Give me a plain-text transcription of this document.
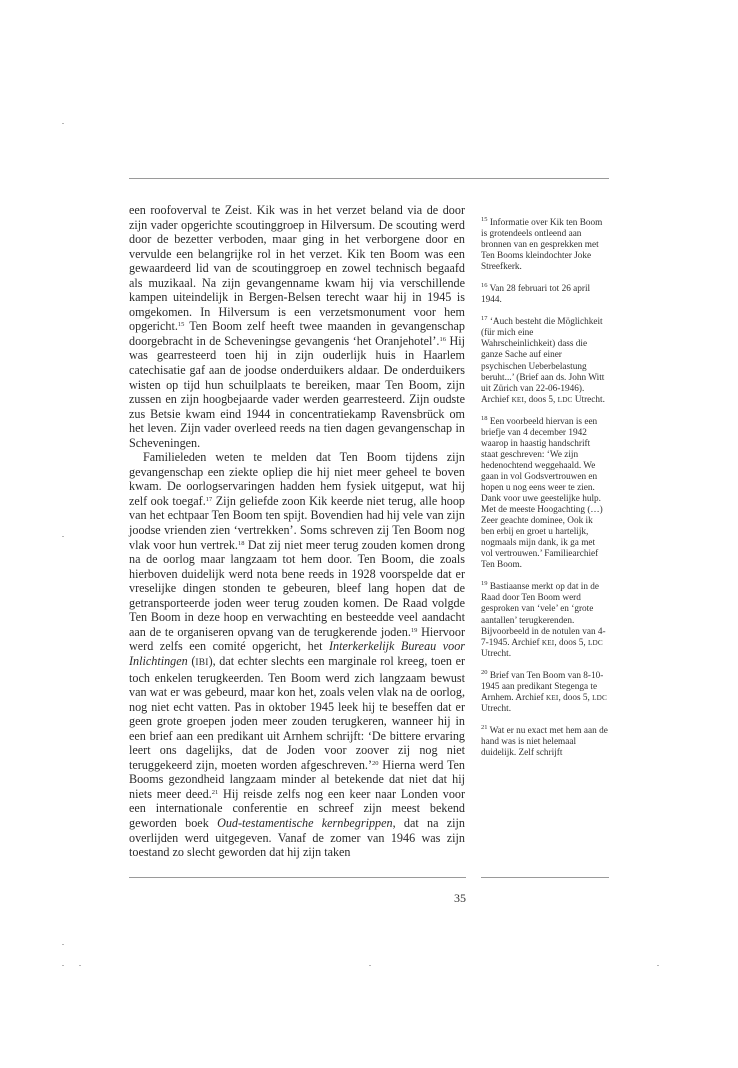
een roofoverval te Zeist. Kik was in het verzet beland via de door zijn vader opgerichte scoutinggroep in Hilversum. De scouting werd door de bezetter verboden, maar ging in het verborgene door en vervulde een belangrijke rol in het verzet. Kik ten Boom was een gewaardeerd lid van de scoutinggroep en zowel technisch begaafd als muzikaal. Na zijn gevangenname kwam hij via verschillende kampen uiteindelijk in Bergen-Belsen terecht waar hij in 1945 is omgekomen. In Hilversum is een verzetsmonument voor hem opgericht.$^{15}$ Ten Boom zelf heeft twee maanden in gevangenschap doorgebracht in de Scheveningse gevangenis ‘het Oranjehotel’.$^{16}$ Hij was gearresteerd toen hij in zijn ouderlijk huis in Haarlem catechisatie gaf aan de joodse onderduikers aldaar. De onderduikers wisten op tijd hun schuilplaats te bereiken, maar Ten Boom, zijn zussen en zijn hoogbejaarde vader werden gearresteerd. Zijn oudste zus Betsie kwam eind 1944 in concentratiekamp Ravensbrück om het leven. Zijn vader overleed reeds na tien dagen gevangenschap in Scheveningen.

Familieleden weten te melden dat Ten Boom tijdens zijn gevangenschap een ziekte opliep die hij niet meer geheel te boven kwam. De oorlogservaringen hadden hem fysiek uitgeput, wat hij zelf ook toegaf.$^{17}$ Zijn geliefde zoon Kik keerde niet terug, alle hoop van het echtpaar Ten Boom ten spijt. Bovendien had hij vele van zijn joodse vrienden zien ‘vertrekken’. Soms schreven zij Ten Boom nog vlak voor hun vertrek.$^{18}$ Dat zij niet meer terug zouden komen drong na de oorlog maar langzaam tot hem door. Ten Boom, die zoals hierboven duidelijk werd nota bene reeds in 1928 voorspelde dat er vreselijke dingen stonden te gebeuren, bleef lang hopen dat de getransporteerde joden weer terug zouden komen. De Raad volgde Ten Boom in deze hoop en verwachting en besteedde veel aandacht aan de te organiseren opvang van de terugkerende joden.$^{19}$ Hiervoor werd zelfs een comité opgericht, het Interkerkelijk Bureau voor Inlichtingen (IBI), dat echter slechts een marginale rol kreeg, toen er toch enkelen terugkeerden. Ten Boom werd zich langzaam bewust van wat er was gebeurd, maar kon het, zoals velen vlak na de oorlog, nog niet echt vatten. Pas in oktober 1945 leek hij te beseffen dat er geen grote groepen joden meer zouden terugkeren, wanneer hij in een brief aan een predikant uit Arnhem schrijft: ‘De bittere ervaring leert ons dagelijks, dat de Joden voor zoover zij nog niet teruggekeerd zijn, moeten worden afgeschreven.’$^{20}$ Hierna werd Ten Booms gezondheid langzaam minder al betekende dat niet dat hij niets meer deed.$^{21}$ Hij reisde zelfs nog een keer naar Londen voor een internationale conferentie en schreef zijn meest bekend geworden boek Oud-testamentische kernbegrippen, dat na zijn overlijden werd uitgegeven. Vanaf de zomer van 1946 was zijn toestand zo slecht geworden dat hij zijn taken

$^{15}$ Informatie over Kik ten Boom is grotendeels ontleend aan bronnen van en gesprekken met Ten Booms kleindochter Joke Streefkerk.

$^{16}$ Van 28 februari tot 26 april 1944.

$^{17}$ ‘Auch besteht die Möglichkeit (für mich eine Wahrscheinlichkeit) dass die ganze Sache auf einer psychischen Ueberbelastung beruht...’ (Brief aan ds. John Witt uit Zürich van 22-06-1946). Archief KEI, doos 5, LDC Utrecht.

$^{18}$ Een voorbeeld hiervan is een briefje van 4 december 1942 waarop in haastig handschrift staat geschreven: ‘We zijn hedenochtend weggehaald. We gaan in vol Godsvertrouwen en hopen u nog eens weer te zien. Dank voor uwe geestelijke hulp. Met de meeste Hoogachting (…) Zeer geachte dominee, Ook ik ben erbij en groet u hartelijk, nogmaals mijn dank, ik ga met vol vertrouwen.’ Familiearchief Ten Boom.

$^{19}$ Bastiaanse merkt op dat in de Raad door Ten Boom werd gesproken van ‘vele’ en ‘grote aantallen’ terugkerenden. Bijvoorbeeld in de notulen van 4-7-1945. Archief KEI, doos 5, LDC Utrecht.

$^{20}$ Brief van Ten Boom van 8-10-1945 aan predikant Stegenga te Arnhem. Archief KEI, doos 5, LDC Utrecht.

$^{21}$ Wat er nu exact met hem aan de hand was is niet helemaal duidelijk. Zelf schrijft

35
